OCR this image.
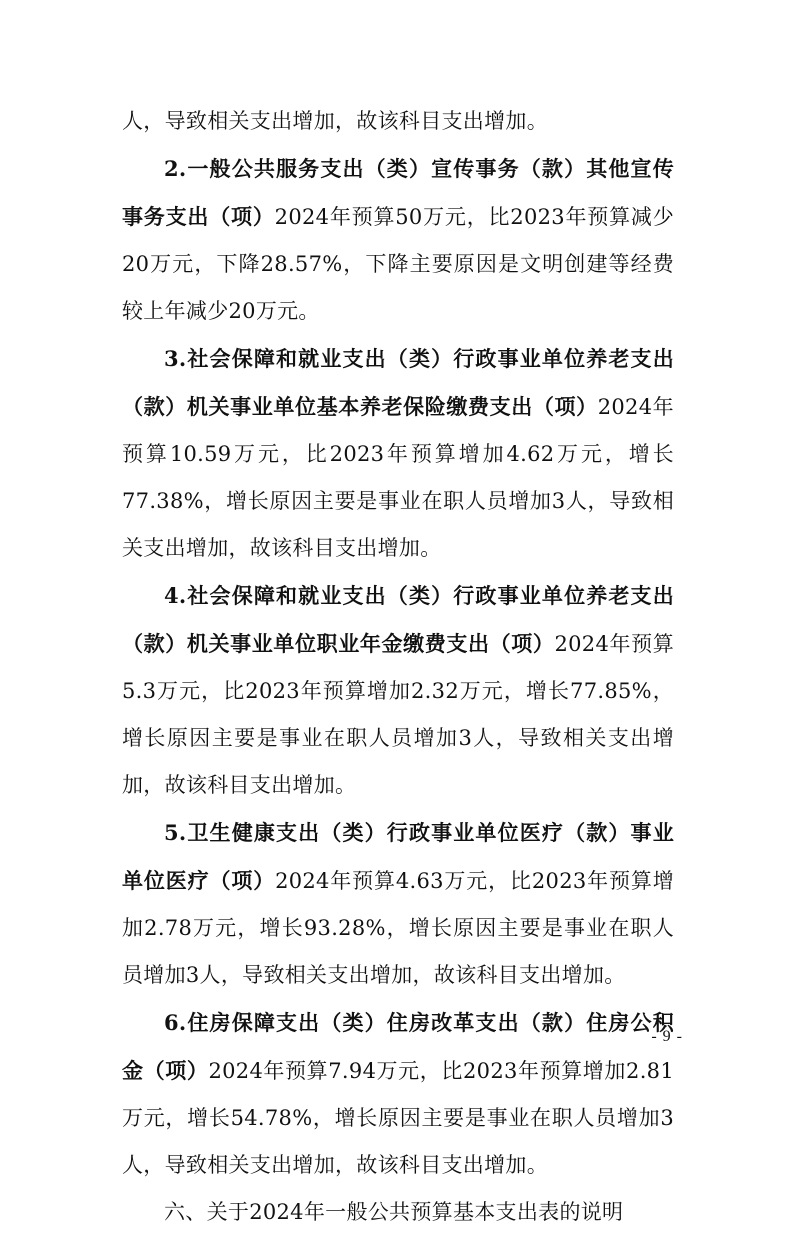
人，导致相关支出增加，故该科目支出增加。

2.一般公共服务支出（类）宣传事务（款）其他宣传事务支出（项）2024年预算50万元，比2023年预算减少20万元，下降28.57%，下降主要原因是文明创建等经费较上年减少20万元。

3.社会保障和就业支出（类）行政事业单位养老支出（款）机关事业单位基本养老保险缴费支出（项）2024年预算10.59万元，比2023年预算增加4.62万元，增长77.38%，增长原因主要是事业在职人员增加3人，导致相关支出增加，故该科目支出增加。

4.社会保障和就业支出（类）行政事业单位养老支出（款）机关事业单位职业年金缴费支出（项）2024年预算5.3万元，比2023年预算增加2.32万元，增长77.85%，增长原因主要是事业在职人员增加3人，导致相关支出增加，故该科目支出增加。

5.卫生健康支出（类）行政事业单位医疗（款）事业单位医疗（项）2024年预算4.63万元，比2023年预算增加2.78万元，增长93.28%，增长原因主要是事业在职人员增加3人，导致相关支出增加，故该科目支出增加。

6.住房保障支出（类）住房改革支出（款）住房公积金（项）2024年预算7.94万元，比2023年预算增加2.81万元，增长54.78%，增长原因主要是事业在职人员增加3人，导致相关支出增加，故该科目支出增加。

六、关于2024年一般公共预算基本支出表的说明

- 9 -
